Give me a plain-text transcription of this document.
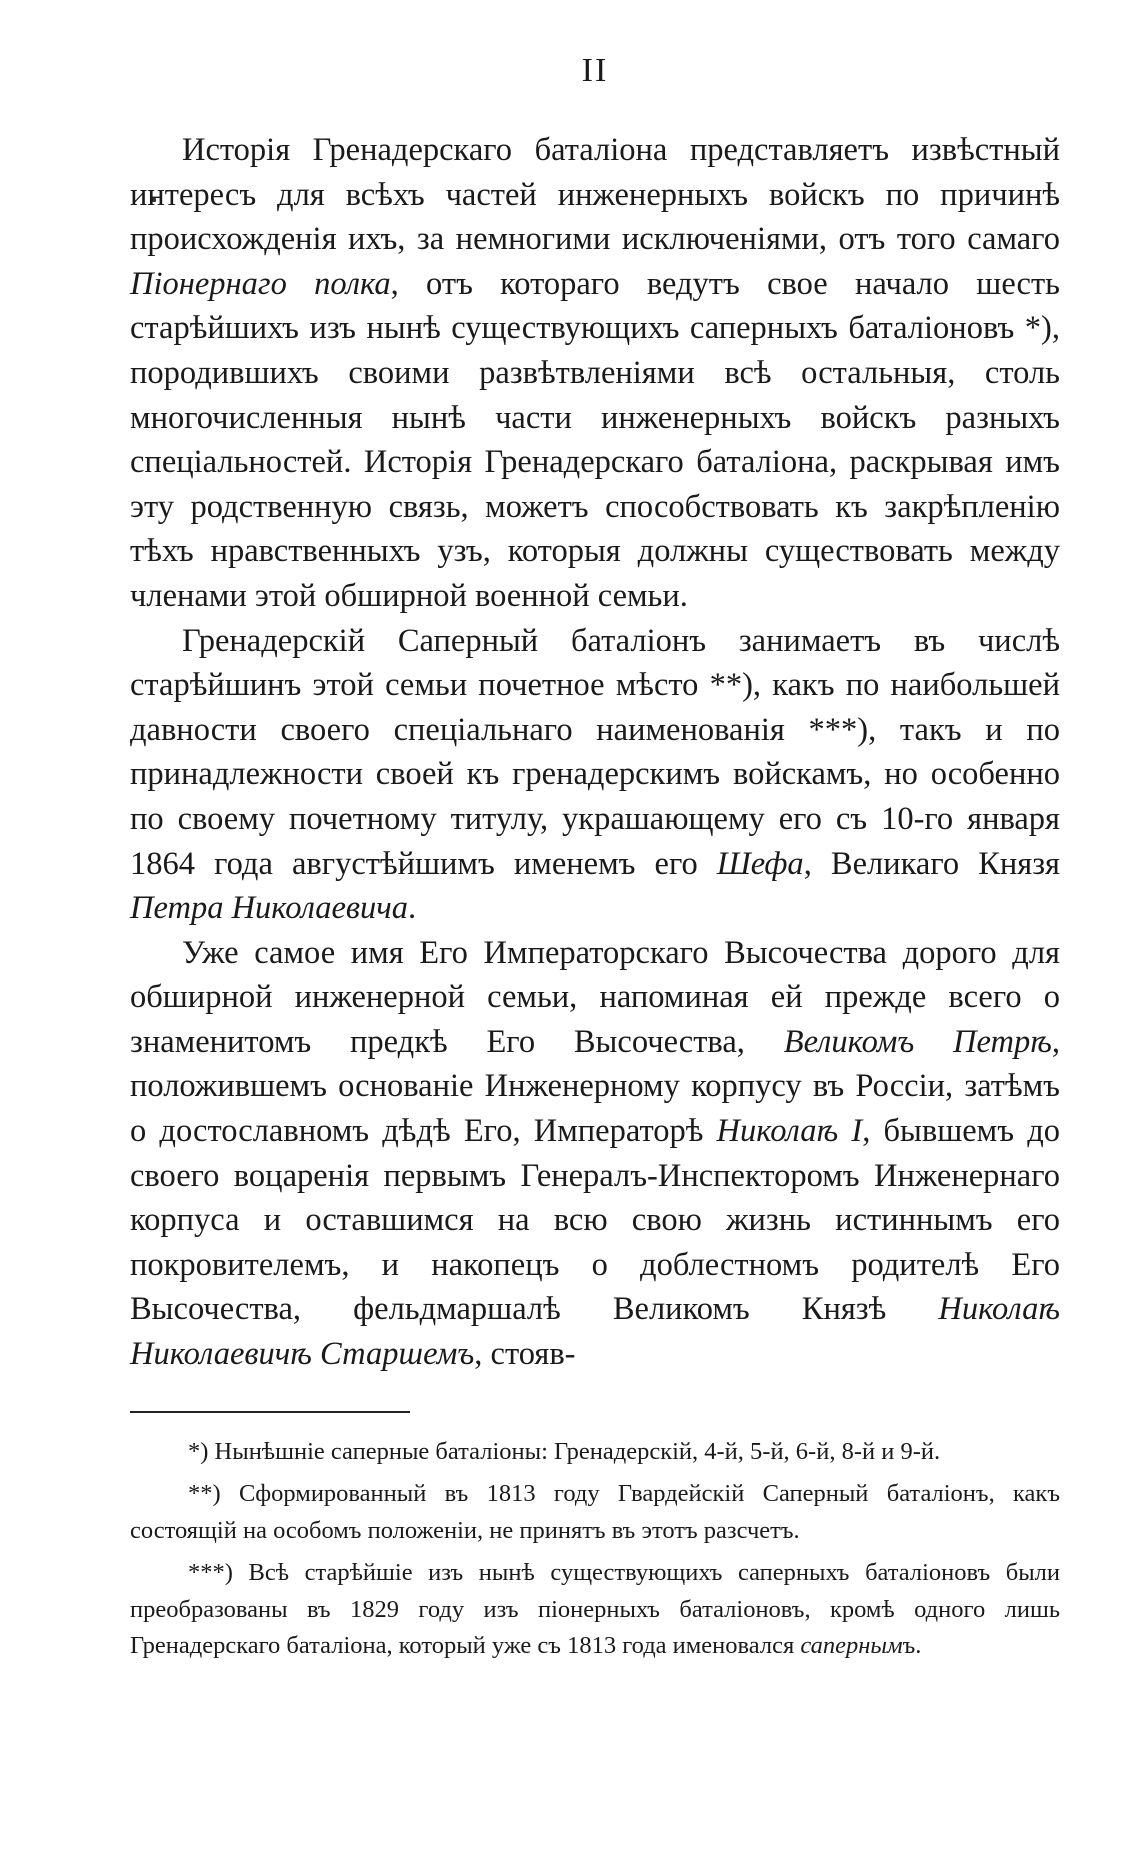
II

Исторія Гренадерскаго баталіона представляетъ извѣстный интересъ для всѣхъ частей инженерныхъ войскъ по причинѣ происхожденія ихъ, за немногими исключеніями, отъ того самаго Піонернаго полка, отъ котораго ведутъ свое начало шесть старѣйшихъ изъ нынѣ существующихъ саперныхъ баталіоновъ *), породившихъ своими развѣтвленіями всѣ остальныя, столь многочисленныя нынѣ части инженерныхъ войскъ разныхъ спеціальностей. Исторія Гренадерскаго баталіона, раскрывая имъ эту родственную связь, можетъ способствовать къ закрѣпленію тѣхъ нравственныхъ узъ, которыя должны существовать между членами этой обширной военной семьи.

Гренадерскій Саперный баталіонъ занимаетъ въ числѣ старѣйшинъ этой семьи почетное мѣсто **), какъ по наибольшей давности своего спеціальнаго наименованія ***), такъ и по принадлежности своей къ гренадерскимъ войскамъ, но особенно по своему почетному титулу, украшающему его съ 10-го января 1864 года августѣйшимъ именемъ его Шефа, Великаго Князя Петра Николаевича.

Уже самое имя Его Императорскаго Высочества дорого для обширной инженерной семьи, напоминая ей прежде всего о знаменитомъ предкѣ Его Высочества, Великомъ Петрѣ, положившемъ основаніе Инженерному корпусу въ Россіи, затѣмъ о достославномъ дѣдѣ Его, Императорѣ Николаѣ I, бывшемъ до своего воцаренія первымъ Генералъ-Инспекторомъ Инженернаго корпуса и оставшимся на всю свою жизнь истиннымъ его покровителемъ, и накопецъ о доблестномъ родителѣ Его Высочества, фельдмаршалѣ Великомъ Князѣ Николаѣ Николаевичѣ Старшемъ, стояв-

*) Нынѣшніе саперные баталіоны: Гренадерскій, 4-й, 5-й, 6-й, 8-й и 9-й.

**) Сформированный въ 1813 году Гвардейскій Саперный баталіонъ, какъ состоящій на особомъ положеніи, не принятъ въ этотъ разсчетъ.

***) Всѣ старѣйшіе изъ нынѣ существующихъ саперныхъ баталіоновъ были преобразованы въ 1829 году изъ піонерныхъ баталіоновъ, кромѣ одного лишь Гренадерскаго баталіона, который уже съ 1813 года именовался сапернымъ.
